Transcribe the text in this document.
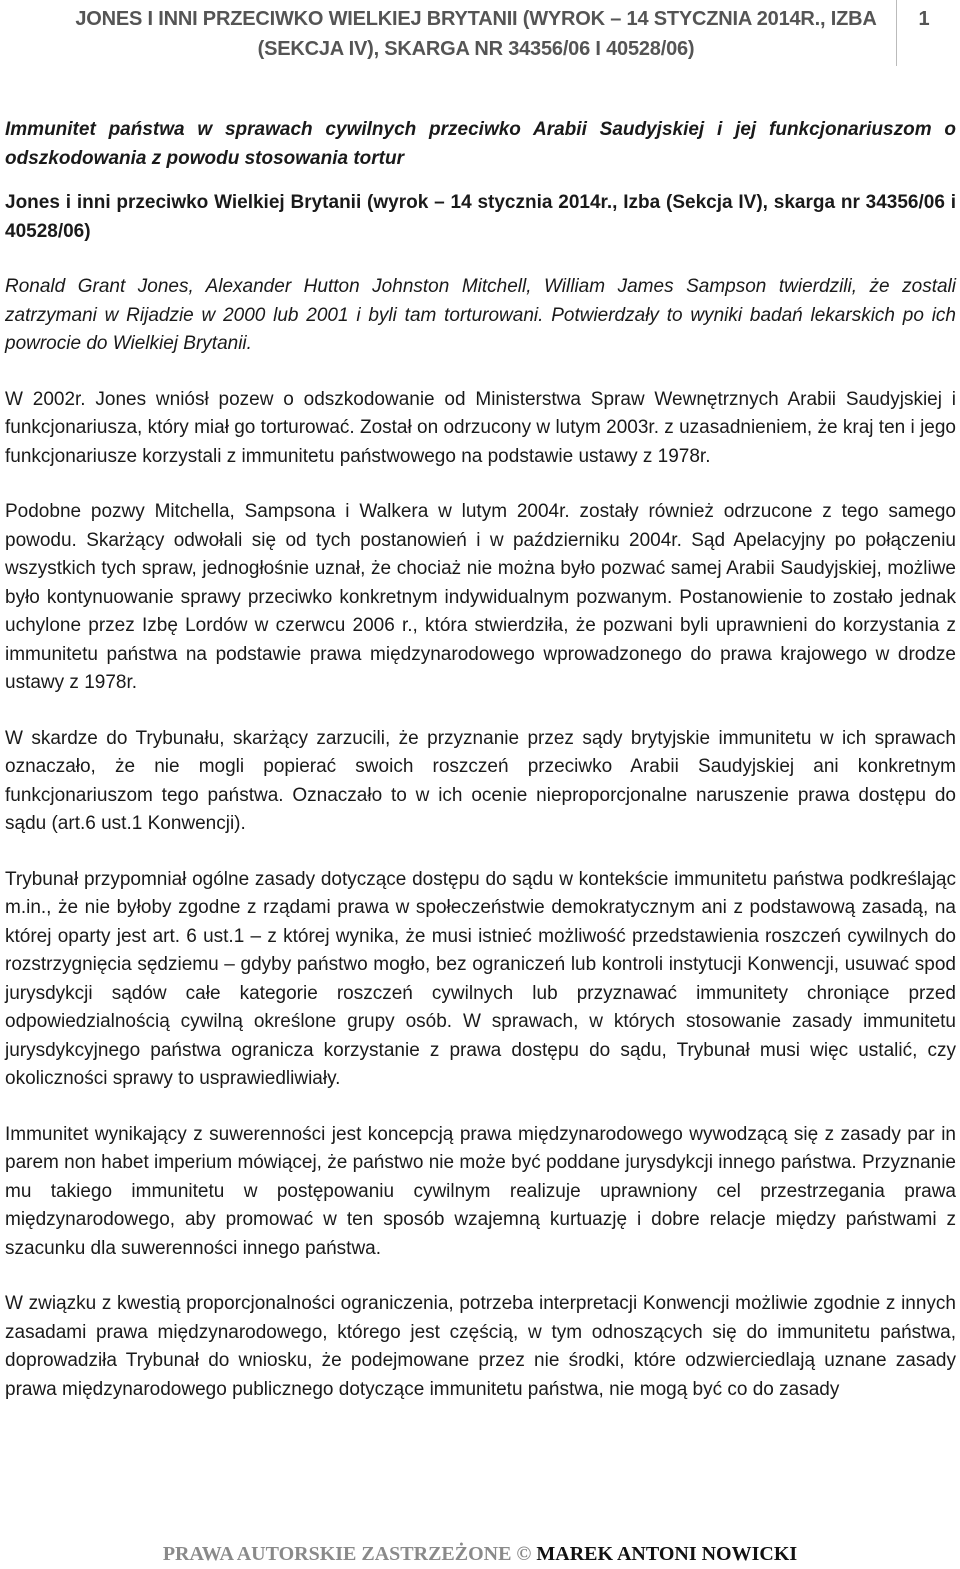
JONES I INNI PRZECIWKO WIELKIEJ BRYTANII (WYROK – 14 STYCZNIA 2014R., IZBA (SEKCJA IV), SKARGA NR 34356/06 I 40528/06)
1

Immunitet państwa w sprawach cywilnych przeciwko Arabii Saudyjskiej i jej funkcjonariuszom o odszkodowania z powodu stosowania tortur

Jones i inni przeciwko Wielkiej Brytanii (wyrok – 14 stycznia 2014r., Izba (Sekcja IV), skarga nr 34356/06 i 40528/06)

Ronald Grant Jones, Alexander Hutton Johnston Mitchell, William James Sampson twierdzili, że zostali zatrzymani w Rijadzie w 2000 lub 2001 i byli tam torturowani. Potwierdzały to wyniki badań lekarskich po ich powrocie do Wielkiej Brytanii.

W 2002r. Jones wniósł pozew o odszkodowanie od Ministerstwa Spraw Wewnętrznych Arabii Saudyjskiej i funkcjonariusza, który miał go torturować. Został on odrzucony w lutym 2003r. z uzasadnieniem, że kraj ten i jego funkcjonariusze korzystali z immunitetu państwowego na podstawie ustawy z 1978r.

Podobne pozwy Mitchella, Sampsona i Walkera w lutym 2004r. zostały również odrzucone z tego samego powodu. Skarżący odwołali się od tych postanowień i w październiku 2004r. Sąd Apelacyjny po połączeniu wszystkich tych spraw, jednogłośnie uznał, że chociaż nie można było pozwać samej Arabii Saudyjskiej, możliwe było kontynuowanie sprawy przeciwko konkretnym indywidualnym pozwanym. Postanowienie to zostało jednak uchylone przez Izbę Lordów w czerwcu 2006 r., która stwierdziła, że pozwani byli uprawnieni do korzystania z immunitetu państwa na podstawie prawa międzynarodowego wprowadzonego do prawa krajowego w drodze ustawy z 1978r.

W skardze do Trybunału, skarżący zarzucili, że przyznanie przez sądy brytyjskie immunitetu w ich sprawach oznaczało, że nie mogli popierać swoich roszczeń przeciwko Arabii Saudyjskiej ani konkretnym funkcjonariuszom tego państwa. Oznaczało to w ich ocenie nieproporcjonalne naruszenie prawa dostępu do sądu (art.6 ust.1 Konwencji).

Trybunał przypomniał ogólne zasady dotyczące dostępu do sądu w kontekście immunitetu państwa podkreślając m.in., że nie byłoby zgodne z rządami prawa w społeczeństwie demokratycznym ani z podstawową zasadą, na której oparty jest art. 6 ust.1 – z której wynika, że musi istnieć możliwość przedstawienia roszczeń cywilnych do rozstrzygnięcia sędziemu – gdyby państwo mogło, bez ograniczeń lub kontroli instytucji Konwencji, usuwać spod jurysdykcji sądów całe kategorie roszczeń cywilnych lub przyznawać immunitety chroniące przed odpowiedzialnością cywilną określone grupy osób. W sprawach, w których stosowanie zasady immunitetu jurysdykcyjnego państwa ogranicza korzystanie z prawa dostępu do sądu, Trybunał musi więc ustalić, czy okoliczności sprawy to usprawiedliwiały.

Immunitet wynikający z suwerenności jest koncepcją prawa międzynarodowego wywodzącą się z zasady par in parem non habet imperium mówiącej, że państwo nie może być poddane jurysdykcji innego państwa. Przyznanie mu takiego immunitetu w postępowaniu cywilnym realizuje uprawniony cel przestrzegania prawa międzynarodowego, aby promować w ten sposób wzajemną kurtuazję i dobre relacje między państwami z szacunku dla suwerenności innego państwa.

W związku z kwestią proporcjonalności ograniczenia, potrzeba interpretacji Konwencji możliwie zgodnie z innych zasadami prawa międzynarodowego, którego jest częścią, w tym odnoszących się do immunitetu państwa, doprowadziła Trybunał do wniosku, że podejmowane przez nie środki, które odzwierciedlają uznane zasady prawa międzynarodowego publicznego dotyczące immunitetu państwa, nie mogą być co do zasady

PRAWA AUTORSKIE ZASTRZEŻONE © MAREK ANTONI NOWICKI
